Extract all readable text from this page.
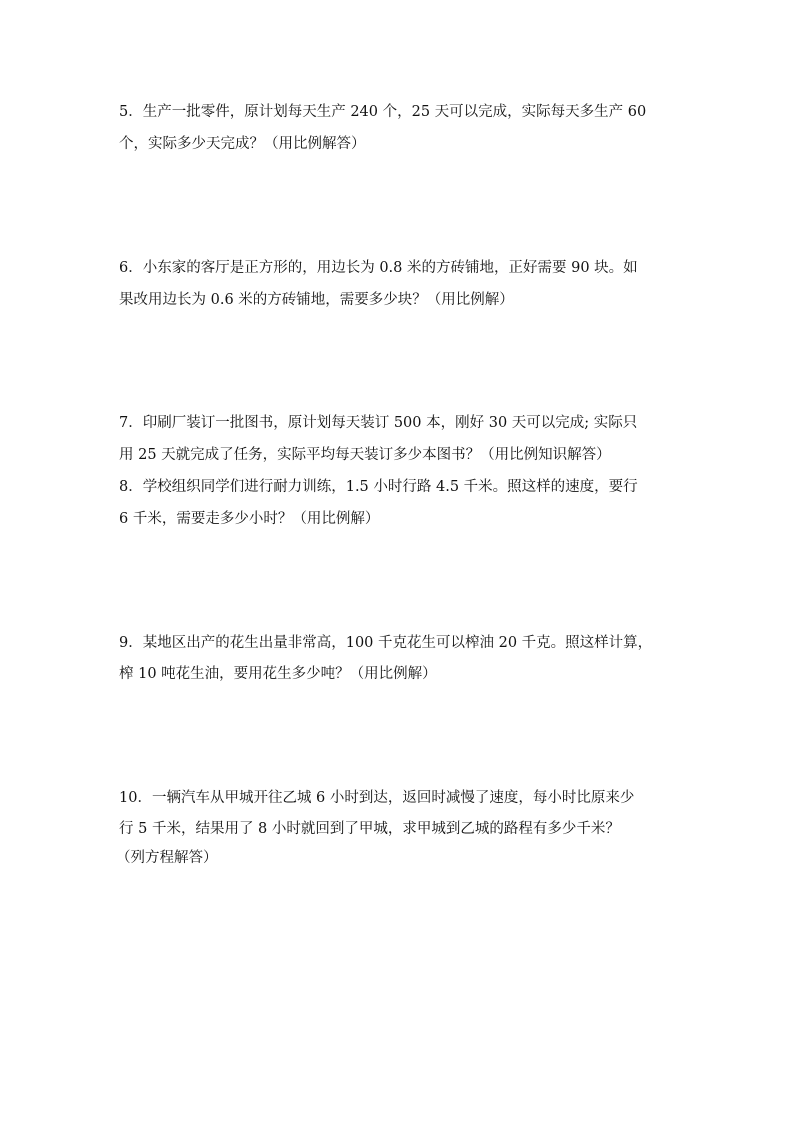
5．生产一批零件，原计划每天生产 240 个，25 天可以完成，实际每天多生产 60
个，实际多少天完成？（用比例解答）
6．小东家的客厅是正方形的，用边长为 0.8 米的方砖铺地，正好需要 90 块。如
果改用边长为 0.6 米的方砖铺地，需要多少块？（用比例解）
7．印刷厂装订一批图书，原计划每天装订 500 本，刚好 30 天可以完成; 实际只
用 25 天就完成了任务，实际平均每天装订多少本图书？（用比例知识解答）
8．学校组织同学们进行耐力训练，1.5 小时行路 4.5 千米。照这样的速度，要行
6 千米，需要走多少小时？（用比例解）
9．某地区出产的花生出量非常高，100 千克花生可以榨油 20 千克。照这样计算，
榨 10 吨花生油，要用花生多少吨？（用比例解）
10．一辆汽车从甲城开往乙城 6 小时到达，返回时减慢了速度，每小时比原来少
行 5 千米，结果用了 8 小时就回到了甲城，求甲城到乙城的路程有多少千米？
（列方程解答）
